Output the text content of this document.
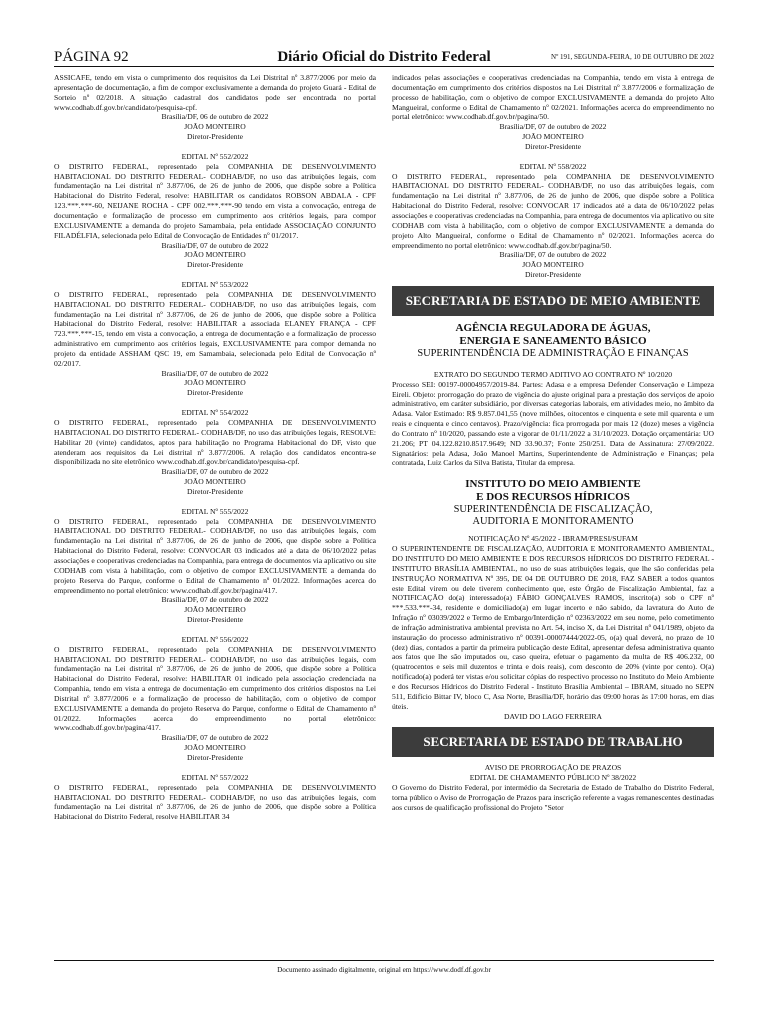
PÁGINA 92	Diário Oficial do Distrito Federal	Nº 191, SEGUNDA-FEIRA, 10 DE OUTUBRO DE 2022
ASSICAFE, tendo em vista o cumprimento dos requisitos da Lei Distrital nº 3.877/2006 por meio da apresentação de documentação, a fim de compor exclusivamente a demanda do projeto Guará - Edital de Sorteio nº 02/2018. A situação cadastral dos candidatos pode ser encontrada no portal www.codhab.df.gov.br/candidato/pesquisa-cpf.
Brasília/DF, 06 de outubro de 2022
JOÃO MONTEIRO
Diretor-Presidente
EDITAL Nº 552/2022
O DISTRITO FEDERAL, representado pela COMPANHIA DE DESENVOLVIMENTO HABITACIONAL DO DISTRITO FEDERAL- CODHAB/DF, no uso das atribuições legais, com fundamentação na Lei distrital nº 3.877/06, de 26 de junho de 2006, que dispõe sobre a Política Habitacional do Distrito Federal, resolve: HABILITAR os candidatos ROBSON ABDALA - CPF 123.***.***-60, NEIJANE ROCHA - CPF 002.***.***-90 tendo em vista a convocação, entrega de documentação e formalização de processo em cumprimento aos critérios legais, para compor EXCLUSIVAMENTE a demanda do projeto Samambaia, pela entidade ASSOCIAÇÃO CONJUNTO FILADÉLFIA, selecionada pelo Edital de Convocação de Entidades nº 01/2017.
Brasília/DF, 07 de outubro de 2022
JOÃO MONTEIRO
Diretor-Presidente
EDITAL Nº 553/2022
O DISTRITO FEDERAL, representado pela COMPANHIA DE DESENVOLVIMENTO HABITACIONAL DO DISTRITO FEDERAL- CODHAB/DF, no uso das atribuições legais, com fundamentação na Lei distrital nº 3.877/06, de 26 de junho de 2006, que dispõe sobre a Política Habitacional do Distrito Federal, resolve: HABILITAR a associada ELANEY FRANÇA - CPF 723.***.***-15, tendo em vista a convocação, a entrega de documentação e a formalização de processo administrativo em cumprimento aos critérios legais, EXCLUSIVAMENTE para compor demanda no projeto da entidade ASSHAM QSC 19, em Samambaia, selecionada pelo Edital de Convocação nº 02/2017.
Brasília/DF, 07 de outubro de 2022
JOÃO MONTEIRO
Diretor-Presidente
EDITAL Nº 554/2022
O DISTRITO FEDERAL, representado pela COMPANHIA DE DESENVOLVIMENTO HABITACIONAL DO DISTRITO FEDERAL- CODHAB/DF, no uso das atribuições legais, RESOLVE: Habilitar 20 (vinte) candidatos, aptos para habilitação no Programa Habitacional do DF, visto que atenderam aos requisitos da Lei distrital nº 3.877/2006. A relação dos candidatos encontra-se disponibilizada no site eletrônico www.codhab.df.gov.br/candidato/pesquisa-cpf.
Brasília/DF, 07 de outubro de 2022
JOÃO MONTEIRO
Diretor-Presidente
EDITAL Nº 555/2022
O DISTRITO FEDERAL, representado pela COMPANHIA DE DESENVOLVIMENTO HABITACIONAL DO DISTRITO FEDERAL- CODHAB/DF, no uso das atribuições legais, com fundamentação na Lei distrital nº 3.877/06, de 26 de junho de 2006, que dispõe sobre a Política Habitacional do Distrito Federal, resolve: CONVOCAR 03 indicados até a data de 06/10/2022 pelas associações e cooperativas credenciadas na Companhia, para entrega de documentos via aplicativo ou site CODHAB com vista à habilitação, com o objetivo de compor EXCLUSIVAMENTE a demanda do projeto Reserva do Parque, conforme o Edital de Chamamento nº 01/2022. Informações acerca do empreendimento no portal eletrônico: www.codhab.df.gov.br/pagina/417.
Brasília/DF, 07 de outubro de 2022
JOÃO MONTEIRO
Diretor-Presidente
EDITAL Nº 556/2022
O DISTRITO FEDERAL, representado pela COMPANHIA DE DESENVOLVIMENTO HABITACIONAL DO DISTRITO FEDERAL- CODHAB/DF, no uso das atribuições legais, com fundamentação na Lei distrital nº 3.877/06, de 26 de junho de 2006, que dispõe sobre a Política Habitacional do Distrito Federal, resolve: HABILITAR 01 indicado pela associação credenciada na Companhia, tendo em vista a entrega de documentação em cumprimento dos critérios dispostos na Lei Distrital nº 3.877/2006 e a formalização de processo de habilitação, com o objetivo de compor EXCLUSIVAMENTE a demanda do projeto Reserva do Parque, conforme o Edital de Chamamento nº 01/2022. Informações acerca do empreendimento no portal eletrônico: www.codhab.df.gov.br/pagina/417.
Brasília/DF, 07 de outubro de 2022
JOÃO MONTEIRO
Diretor-Presidente
EDITAL Nº 557/2022
O DISTRITO FEDERAL, representado pela COMPANHIA DE DESENVOLVIMENTO HABITACIONAL DO DISTRITO FEDERAL- CODHAB/DF, no uso das atribuições legais, com fundamentação na Lei distrital nº 3.877/06, de 26 de junho de 2006, que dispõe sobre a Política Habitacional do Distrito Federal, resolve HABILITAR 34
indicados pelas associações e cooperativas credenciadas na Companhia, tendo em vista à entrega de documentação em cumprimento dos critérios dispostos na Lei Distrital nº 3.877/2006 e formalização de processo de habilitação, com o objetivo de compor EXCLUSIVAMENTE a demanda do projeto Alto Mangueiral, conforme o Edital de Chamamento nº 02/2021. Informações acerca do empreendimento no portal eletrônico: www.codhab.df.gov.br/pagina/50.
Brasília/DF, 07 de outubro de 2022
JOÃO MONTEIRO
Diretor-Presidente
EDITAL Nº 558/2022
O DISTRITO FEDERAL, representado pela COMPANHIA DE DESENVOLVIMENTO HABITACIONAL DO DISTRITO FEDERAL- CODHAB/DF, no uso das atribuições legais, com fundamentação na Lei distrital nº 3.877/06, de 26 de junho de 2006, que dispõe sobre a Política Habitacional do Distrito Federal, resolve: CONVOCAR 17 indicados até a data de 06/10/2022 pelas associações e cooperativas credenciadas na Companhia, para entrega de documentos via aplicativo ou site CODHAB com vista à habilitação, com o objetivo de compor EXCLUSIVAMENTE a demanda do projeto Alto Mangueiral, conforme o Edital de Chamamento nº 02/2021. Informações acerca do empreendimento no portal eletrônico: www.codhab.df.gov.br/pagina/50.
Brasília/DF, 07 de outubro de 2022
JOÃO MONTEIRO
Diretor-Presidente
SECRETARIA DE ESTADO DE MEIO AMBIENTE
AGÊNCIA REGULADORA DE ÁGUAS,
ENERGIA E SANEAMENTO BÁSICO
SUPERINTENDÊNCIA DE ADMINISTRAÇÃO E FINANÇAS
EXTRATO DO SEGUNDO TERMO ADITIVO AO CONTRATO Nº 10/2020
Processo SEI: 00197-00004957/2019-84. Partes: Adasa e a empresa Defender Conservação e Limpeza Eireli. Objeto: prorrogação do prazo de vigência do ajuste original para a prestação dos serviços de apoio administrativo, em caráter subsidiário, por diversas categorias laborais, em atividades meio, no âmbito da Adasa. Valor Estimado: R$ 9.857.041,55 (nove milhões, oitocentos e cinquenta e sete mil quarenta e um reais e cinquenta e cinco centavos). Prazo/vigência: fica prorrogada por mais 12 (doze) meses a vigência do Contrato nº 10/2020, passando este a vigorar de 01/11/2022 a 31/10/2023. Dotação orçamentária: UO 21.206; PT 04.122.8210.8517.9649; ND 33.90.37; Fonte 250/251. Data de Assinatura: 27/09/2022. Signatários: pela Adasa, João Manoel Martins, Superintendente de Administração e Finanças; pela contratada, Luiz Carlos da Silva Batista, Titular da empresa.
INSTITUTO DO MEIO AMBIENTE
E DOS RECURSOS HÍDRICOS
SUPERINTENDÊNCIA DE FISCALIZAÇÃO,
AUDITORIA E MONITORAMENTO
NOTIFICAÇÃO Nº 45/2022 - IBRAM/PRESI/SUFAM
O SUPERINTENDENTE DE FISCALIZAÇÃO, AUDITORIA E MONITORAMENTO AMBIENTAL, DO INSTITUTO DO MEIO AMBIENTE E DOS RECURSOS HÍDRICOS DO DISTRITO FEDERAL - INSTITUTO BRASÍLIA AMBIENTAL, no uso de suas atribuições legais, que lhe são conferidas pela INSTRUÇÃO NORMATIVA Nº 395, DE 04 DE OUTUBRO DE 2018, FAZ SABER a todos quantos este Edital virem ou dele tiverem conhecimento que, este Órgão de Fiscalização Ambiental, faz a NOTIFICAÇÃO do(a) interessado(a) FÁBIO GONÇALVES RAMOS, inscrito(a) sob o CPF nº ***.533.***-34, residente e domiciliado(a) em lugar incerto e não sabido, da lavratura do Auto de Infração nº 03039/2022 e Termo de Embargo/Interdição nº 02363/2022 em seu nome, pelo cometimento de infração administrativa ambiental prevista no Art. 54, inciso X, da Lei Distrital nº 041/1989, objeto da instauração do processo administrativo nº 00391-00007444/2022-05, o(a) qual deverá, no prazo de 10 (dez) dias, contados a partir da primeira publicação deste Edital, apresentar defesa administrativa quanto aos fatos que lhe são imputados ou, caso queira, efetuar o pagamento da multa de R$ 406.232, 00 (quatrocentos e seis mil duzentos e trinta e dois reais), com desconto de 20% (vinte por cento). O(a) notificado(a) poderá ter vistas e/ou solicitar cópias do respectivo processo no Instituto do Meio Ambiente e dos Recursos Hídricos do Distrito Federal - Instituto Brasília Ambiental – IBRAM, situado no SEPN 511, Edifício Bittar IV, bloco C, Asa Norte, Brasília/DF, horário das 09:00 horas às 17:00 horas, em dias úteis.
DAVID DO LAGO FERREIRA
SECRETARIA DE ESTADO DE TRABALHO
AVISO DE PRORROGAÇÃO DE PRAZOS
EDITAL DE CHAMAMENTO PÚBLICO Nº 38/2022
O Governo do Distrito Federal, por intermédio da Secretaria de Estado de Trabalho do Distrito Federal, torna público o Aviso de Prorrogação de Prazos para inscrição referente a vagas remanescentes destinadas aos cursos de qualificação profissional do Projeto "Setor
Documento assinado digitalmente, original em https://www.dodf.df.gov.br
